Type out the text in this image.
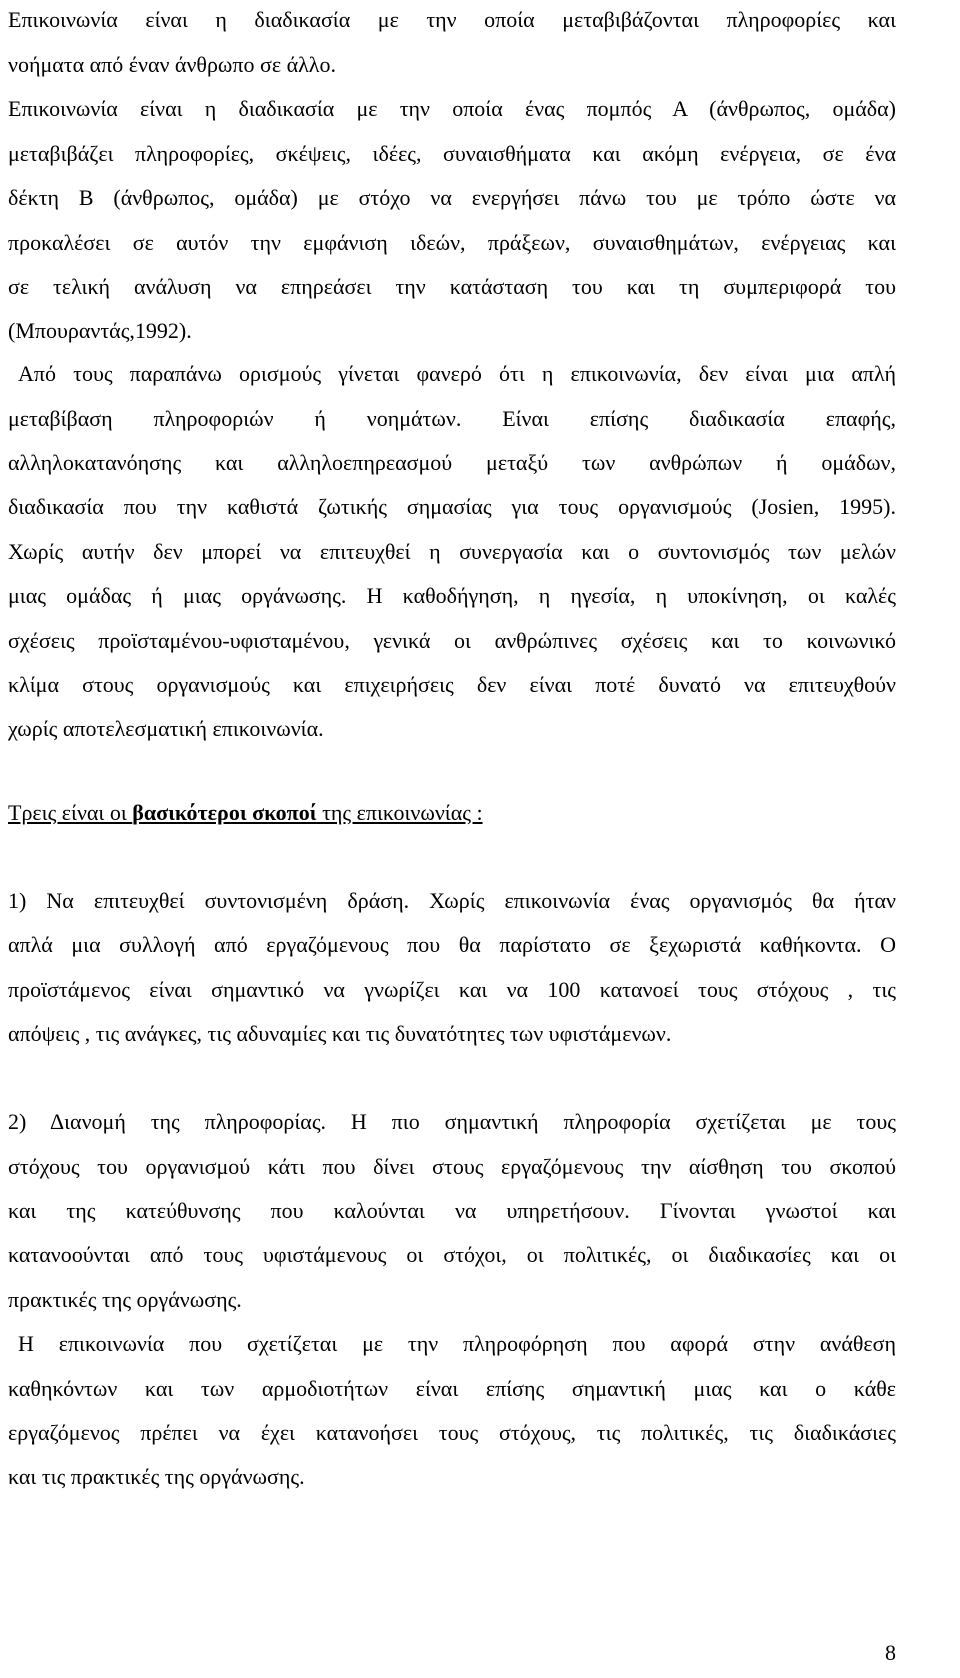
Επικοινωνία είναι η διαδικασία με την οποία μεταβιβάζονται πληροφορίες και
νοήματα από έναν άνθρωπο σε άλλο.
Επικοινωνία είναι η διαδικασία με την οποία ένας πομπός Α (άνθρωπος, ομάδα)
μεταβιβάζει πληροφορίες, σκέψεις, ιδέες, συναισθήματα και ακόμη ενέργεια, σε ένα
δέκτη Β (άνθρωπος, ομάδα) με στόχο να ενεργήσει πάνω του με τρόπο ώστε να
προκαλέσει σε αυτόν την εμφάνιση ιδεών, πράξεων, συναισθημάτων, ενέργειας και
σε τελική ανάλυση να επηρεάσει την κατάσταση του και τη συμπεριφορά του
(Μπουραντάς,1992).
Από τους παραπάνω ορισμούς γίνεται φανερό ότι η επικοινωνία, δεν είναι μια απλή
μεταβίβαση πληροφοριών ή νοημάτων. Είναι επίσης διαδικασία επαφής,
αλληλοκατανόησης και αλληλοεπηρεασμού μεταξύ των ανθρώπων ή ομάδων,
διαδικασία που την καθιστά ζωτικής σημασίας για τους οργανισμούς (Josien, 1995).
Χωρίς αυτήν δεν μπορεί να επιτευχθεί η συνεργασία και ο συντονισμός των μελών
μιας ομάδας ή μιας οργάνωσης. Η καθοδήγηση, η ηγεσία, η υποκίνηση, οι καλές
σχέσεις προϊσταμένου-υφισταμένου, γενικά οι ανθρώπινες σχέσεις και το κοινωνικό
κλίμα στους οργανισμούς και επιχειρήσεις δεν είναι ποτέ δυνατό να επιτευχθούν
χωρίς αποτελεσματική επικοινωνία.
Τρεις είναι οι βασικότεροι σκοποί της επικοινωνίας :
1) Να επιτευχθεί συντονισμένη δράση. Χωρίς επικοινωνία ένας οργανισμός θα ήταν
απλά μια συλλογή από εργαζόμενους που θα παρίστατο σε ξεχωριστά καθήκοντα. Ο
προϊστάμενος είναι σημαντικό να γνωρίζει και να 100 κατανοεί τους στόχους , τις
απόψεις , τις ανάγκες, τις αδυναμίες και τις δυνατότητες των υφιστάμενων.
2) Διανομή της πληροφορίας. Η πιο σημαντική πληροφορία σχετίζεται με τους
στόχους του οργανισμού κάτι που δίνει στους εργαζόμενους την αίσθηση του σκοπού
και της κατεύθυνσης που καλούνται να υπηρετήσουν. Γίνονται γνωστοί και
κατανοούνται από τους υφιστάμενους οι στόχοι, οι πολιτικές, οι διαδικασίες και οι
πρακτικές της οργάνωσης.
Η επικοινωνία που σχετίζεται με την πληροφόρηση που αφορά στην ανάθεση
καθηκόντων και των αρμοδιοτήτων είναι επίσης σημαντική μιας και ο κάθε
εργαζόμενος πρέπει να έχει κατανοήσει τους στόχους, τις πολιτικές, τις διαδικάσιες
και τις πρακτικές της οργάνωσης.
8
